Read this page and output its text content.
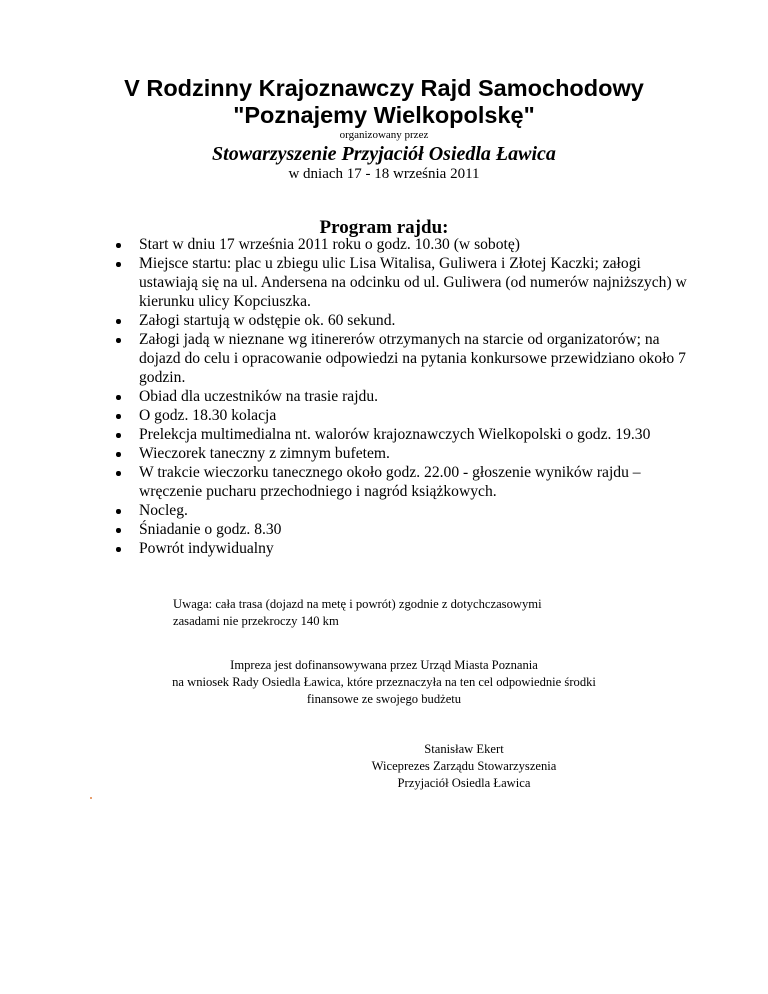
V Rodzinny Krajoznawczy Rajd Samochodowy
"Poznajemy Wielkopolskę"
organizowany przez
Stowarzyszenie Przyjaciół Osiedla Ławica
w dniach 17 - 18 września 2011
Program rajdu:
Start w dniu 17 września 2011 roku o godz. 10.30 (w sobotę)
Miejsce startu: plac u zbiegu ulic Lisa Witalisa, Guliwera i Złotej Kaczki; załogi ustawiają się na ul. Andersena na odcinku od ul. Guliwera (od numerów najniższych) w kierunku ulicy Kopciuszka.
Załogi startują w odstępie ok. 60 sekund.
Załogi jadą w nieznane wg itinererów otrzymanych na starcie od organizatorów; na dojazd do celu i opracowanie odpowiedzi na pytania konkursowe przewidziano około 7 godzin.
Obiad dla uczestników na trasie rajdu.
O godz. 18.30 kolacja
Prelekcja multimedialna nt. walorów krajoznawczych Wielkopolski o godz. 19.30
Wieczorek taneczny z zimnym bufetem.
W trakcie wieczorku tanecznego około godz. 22.00 - głoszenie wyników rajdu – wręczenie pucharu przechodniego i nagród książkowych.
Nocleg.
Śniadanie o godz. 8.30
Powrót indywidualny
Uwaga: cała trasa (dojazd na metę i powrót) zgodnie z dotychczasowymi
zasadami nie przekroczy 140 km
Impreza jest dofinansowywana przez Urząd Miasta Poznania
na wniosek Rady Osiedla Ławica, które przeznaczyła na ten cel odpowiednie środki
finansowe ze swojego budżetu
Stanisław Ekert
Wiceprezes Zarządu Stowarzyszenia
Przyjaciół Osiedla Ławica
